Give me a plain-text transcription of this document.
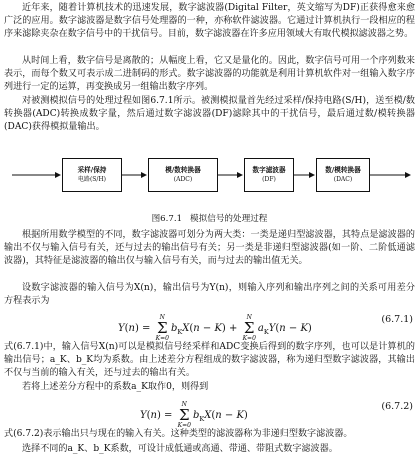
近年来，随着计算机技术的迅速发展，数字滤波器(Digital Filter，英文缩写为DF)正获得愈来愈广泛的应用。数字滤波器是数字信号处理器的一种，亦称软件滤波器。它通过计算机执行一段相应的程序来滤除夹杂在数字信号中的干扰信号。目前，数字滤波器在许多应用领域大有取代模拟滤波器之势。

从时间上看，数字信号是离散的；从幅度上看，它又是量化的。因此，数字信号可用一个序列数来表示，而每个数又可表示成二进制码的形式。数字滤波器的功能就是利用计算机软件对一组输入数字序列进行一定的运算，再变换成另一组输出数字序列。

对被测模拟信号的处理过程如图6.7.1所示。被测模拟量首先经过采样/保持电路(S/H)，送至模/数转换器(ADC)转换成数字量，然后通过数字滤波器(DF)滤除其中的干扰信号，最后通过数/模转换器(DAC)获得模拟量输出。

采样/保持
电路(S/H)
模/数转换器
(ADC)
数字滤波器
(DF)
数/模转换器
(DAC)
图6.7.1 模拟信号的处理过程

根据所用数学模型的不同，数字滤波器可划分为两大类：一类是递归型滤波器，其特点是滤波器的输出不仅与输入信号有关，还与过去的输出信号有关；另一类是非递归型滤波器(如一阶、二阶低通滤波器)，其特征是滤波器的输出仅与输入信号有关，而与过去的输出值无关。

设数字滤波器的输入信号为X(n)，输出信号为Y(n)，则输入序列和输出序列之间的关系可用差分方程表示为

Y(n) =
N
Σ
K=0
$b_KX(n - K)$ +
N
Σ
K=0
$a_KY(n - K)$
(6.7.1)

式(6.7.1)中，输入信号X(n)可以是模拟信号经采样和ADC变换后得到的数字序列，也可以是计算机的输出信号；a_K、b_K均为系数。由上述差分方程组成的数字滤波器，称为递归型数字滤波器，其输出不仅与当前的输入有关，还与过去的输出有关。

若将上述差分方程中的系数a_K取作0，则得到

Y(n) =
N
Σ
K=0
$b_KX(n - K)$
(6.7.2)

式(6.7.2)表示输出只与现在的输入有关。这种类型的滤波器称为非递归型数字滤波器。

选择不同的a_K、b_K系数，可设计成低通或高通、带通、带阻式数字滤波器。
